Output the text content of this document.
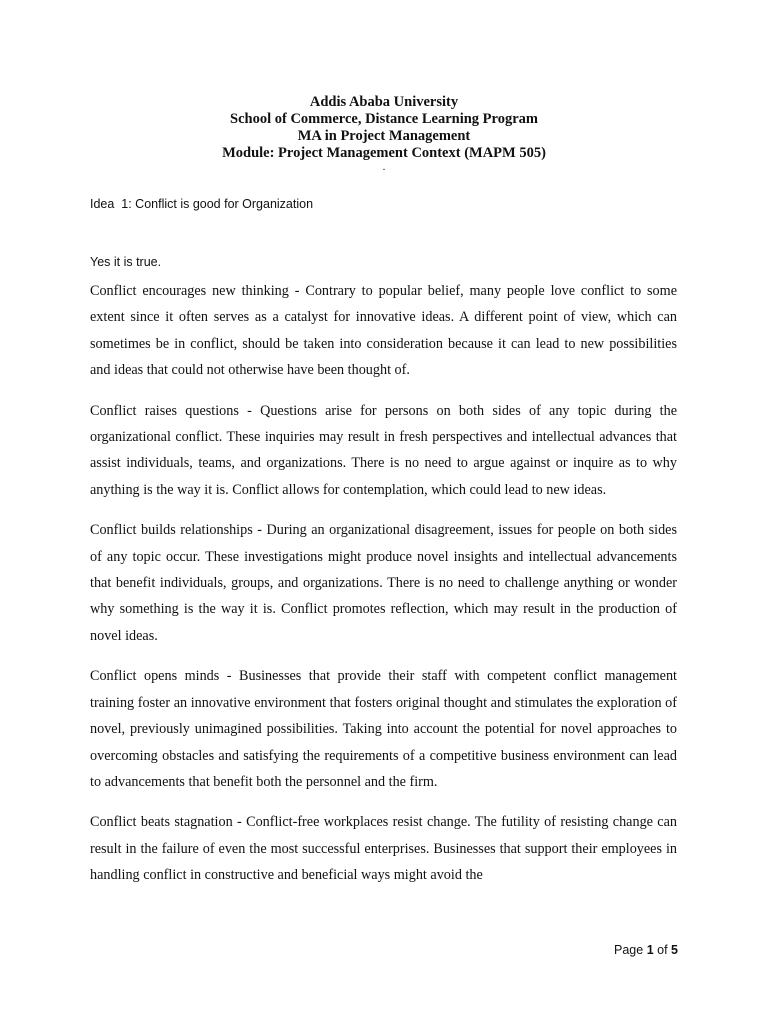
Addis Ababa University
School of Commerce, Distance Learning Program
MA in Project Management
Module: Project Management Context (MAPM 505)
.
Idea  1: Conflict is good for Organization
Yes it is true.

Conflict encourages new thinking - Contrary to popular belief, many people love conflict to some extent since it often serves as a catalyst for innovative ideas. A different point of view, which can sometimes be in conflict, should be taken into consideration because it can lead to new possibilities and ideas that could not otherwise have been thought of.

Conflict raises questions - Questions arise for persons on both sides of any topic during the organizational conflict. These inquiries may result in fresh perspectives and intellectual advances that assist individuals, teams, and organizations. There is no need to argue against or inquire as to why anything is the way it is. Conflict allows for contemplation, which could lead to new ideas.

Conflict builds relationships - During an organizational disagreement, issues for people on both sides of any topic occur. These investigations might produce novel insights and intellectual advancements that benefit individuals, groups, and organizations. There is no need to challenge anything or wonder why something is the way it is. Conflict promotes reflection, which may result in the production of novel ideas.

Conflict opens minds - Businesses that provide their staff with competent conflict management training foster an innovative environment that fosters original thought and stimulates the exploration of novel, previously unimagined possibilities. Taking into account the potential for novel approaches to overcoming obstacles and satisfying the requirements of a competitive business environment can lead to advancements that benefit both the personnel and the firm.

Conflict beats stagnation - Conflict-free workplaces resist change. The futility of resisting change can result in the failure of even the most successful enterprises. Businesses that support their employees in handling conflict in constructive and beneficial ways might avoid the

Page 1 of 5
